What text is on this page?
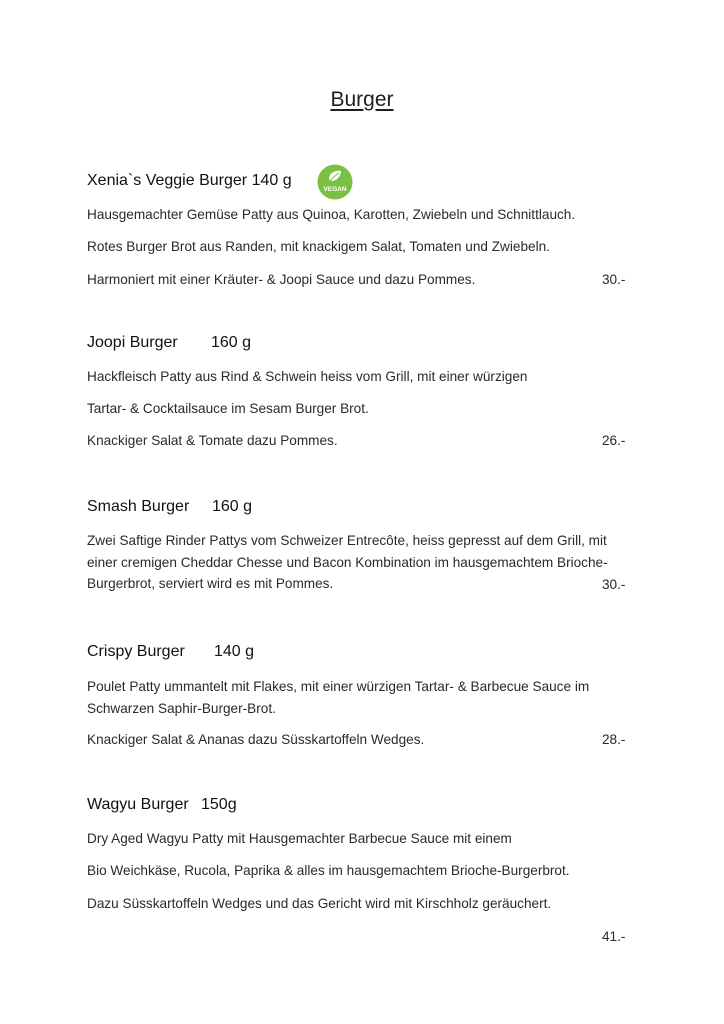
Burger
Xenia`s Veggie Burger 140 g
VEGAN
Hausgemachter Gemüse Patty aus Quinoa, Karotten, Zwiebeln und Schnittlauch.
Rotes Burger Brot aus Randen, mit knackigem Salat, Tomaten und Zwiebeln.
Harmoniert mit einer Kräuter- & Joopi Sauce und dazu Pommes.	30.-
Joopi Burger 160 g
Hackfleisch Patty aus Rind & Schwein heiss vom Grill, mit einer würzigen
Tartar- & Cocktailsauce im Sesam Burger Brot.
Knackiger Salat & Tomate dazu Pommes.	26.-
Smash Burger 160 g
Zwei Saftige Rinder Pattys vom Schweizer Entrecôte, heiss gepresst auf dem Grill, mit einer cremigen Cheddar Chesse und Bacon Kombination im hausgemachtem Brioche-Burgerbrot, serviert wird es mit Pommes.	30.-
Crispy Burger 140 g
Poulet Patty ummantelt mit Flakes, mit einer würzigen Tartar- & Barbecue Sauce im Schwarzen Saphir-Burger-Brot.
Knackiger Salat & Ananas dazu Süsskartoffeln Wedges.	28.-
Wagyu Burger 150g
Dry Aged Wagyu Patty mit Hausgemachter Barbecue Sauce mit einem
Bio Weichkäse, Rucola, Paprika & alles im hausgemachtem Brioche-Burgerbrot.
Dazu Süsskartoffeln Wedges und das Gericht wird mit Kirschholz geräuchert.
41.-
